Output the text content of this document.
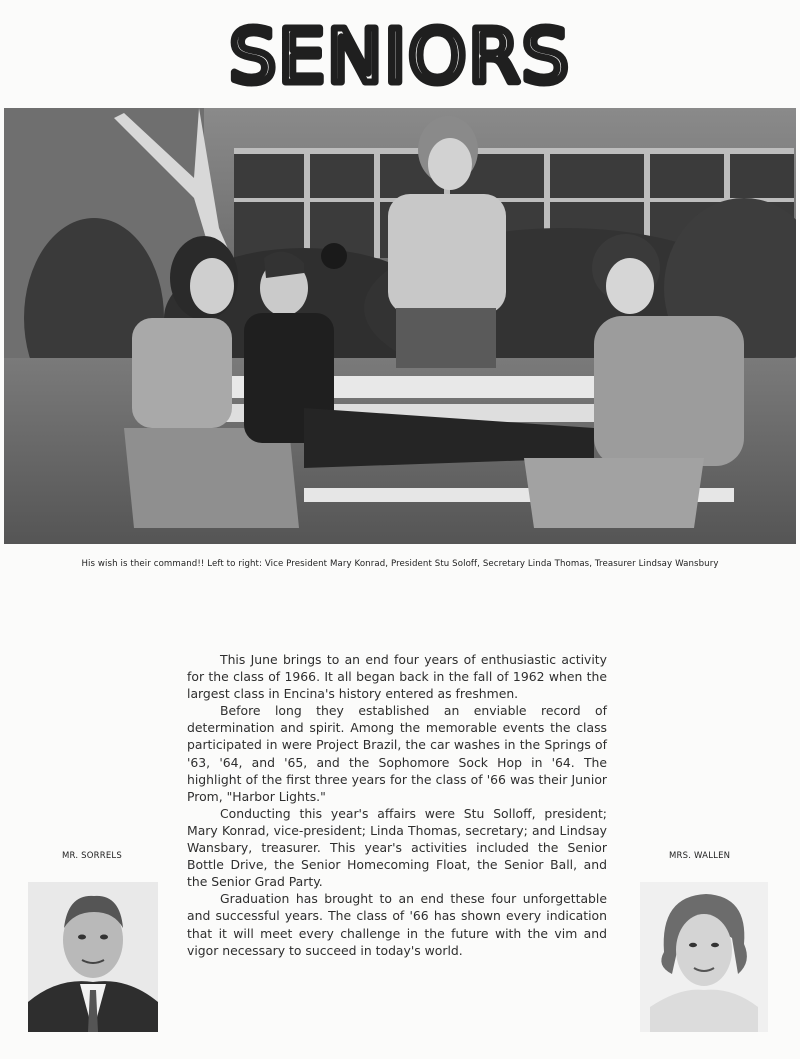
SENIORS
His wish is their command!! Left to right: Vice President Mary Konrad, President Stu Soloff, Secretary Linda Thomas, Treasurer Lindsay Wansbury

This June brings to an end four years of enthusiastic activity for the class of 1966. It all began back in the fall of 1962 when the largest class in Encina's history entered as freshmen.

Before long they established an enviable record of determination and spirit. Among the memorable events the class participated in were Project Brazil, the car washes in the Springs of '63, '64, and '65, and the Sophomore Sock Hop in '64. The highlight of the first three years for the class of '66 was their Junior Prom, "Harbor Lights."

Conducting this year's affairs were Stu Solloff, president; Mary Konrad, vice-president; Linda Thomas, secretary; and Lindsay Wansbary, treasurer. This year's activities included the Senior Bottle Drive, the Senior Homecoming Float, the Senior Ball, and the Senior Grad Party.

Graduation has brought to an end these four unforgettable and successful years. The class of '66 has shown every indication that it will meet every challenge in the future with the vim and vigor necessary to succeed in today's world.

MR. SORRELS	MRS. WALLEN
